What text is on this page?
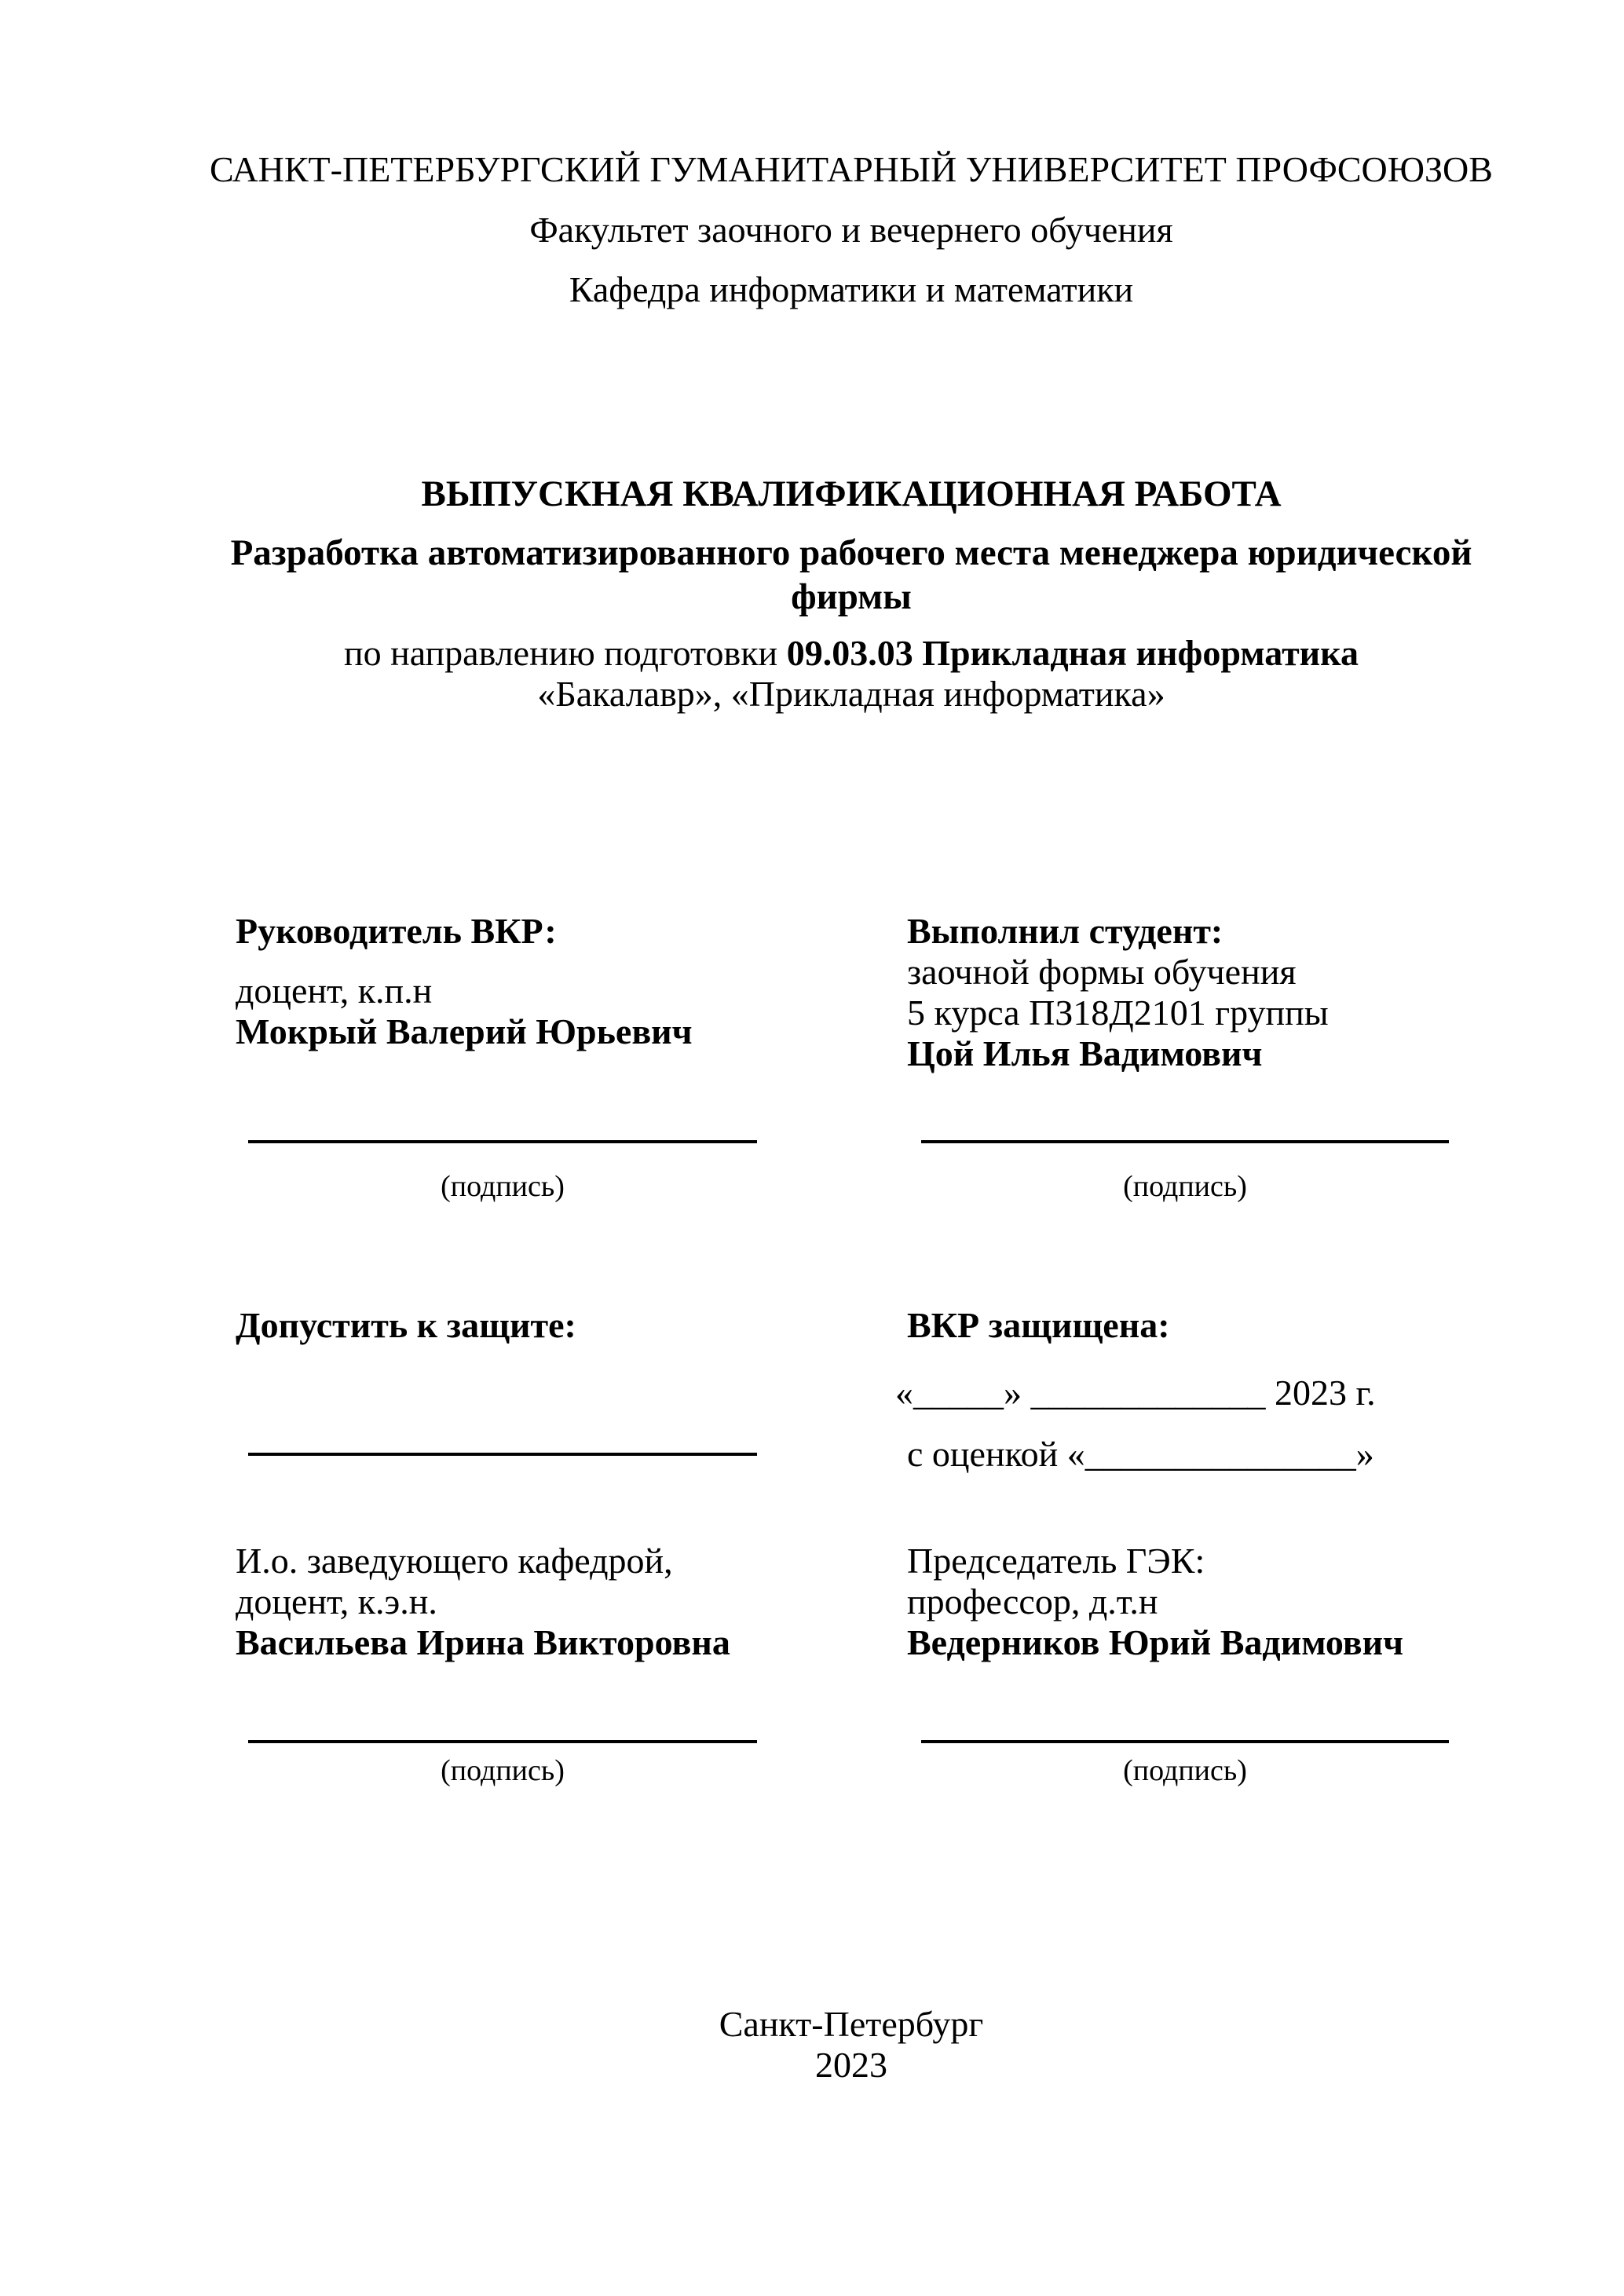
САНКТ-ПЕТЕРБУРГСКИЙ ГУМАНИТАРНЫЙ УНИВЕРСИТЕТ ПРОФСОЮЗОВ
Факультет заочного и вечернего обучения
Кафедра информатики и математики
ВЫПУСКНАЯ КВАЛИФИКАЦИОННАЯ РАБОТА
Разработка автоматизированного рабочего места менеджера юридической фирмы
по направлению подготовки 09.03.03 Прикладная информатика
«Бакалавр», «Прикладная информатика»
Руководитель ВКР:
доцент, к.п.н
Мокрый Валерий Юрьевич
Выполнил студент:
заочной формы обучения
5 курса ПЗ18Д2101 группы
Цой Илья Вадимович
(подпись)	(подпись)
Допустить к защите:	ВКР защищена:
«_____» _____________ 2023 г.
с оценкой «_______________»
И.о. заведующего кафедрой,
доцент, к.э.н.
Васильева Ирина Викторовна
Председатель ГЭК:
профессор, д.т.н
Ведерников Юрий Вадимович
(подпись)	(подпись)
Санкт-Петербург
2023
